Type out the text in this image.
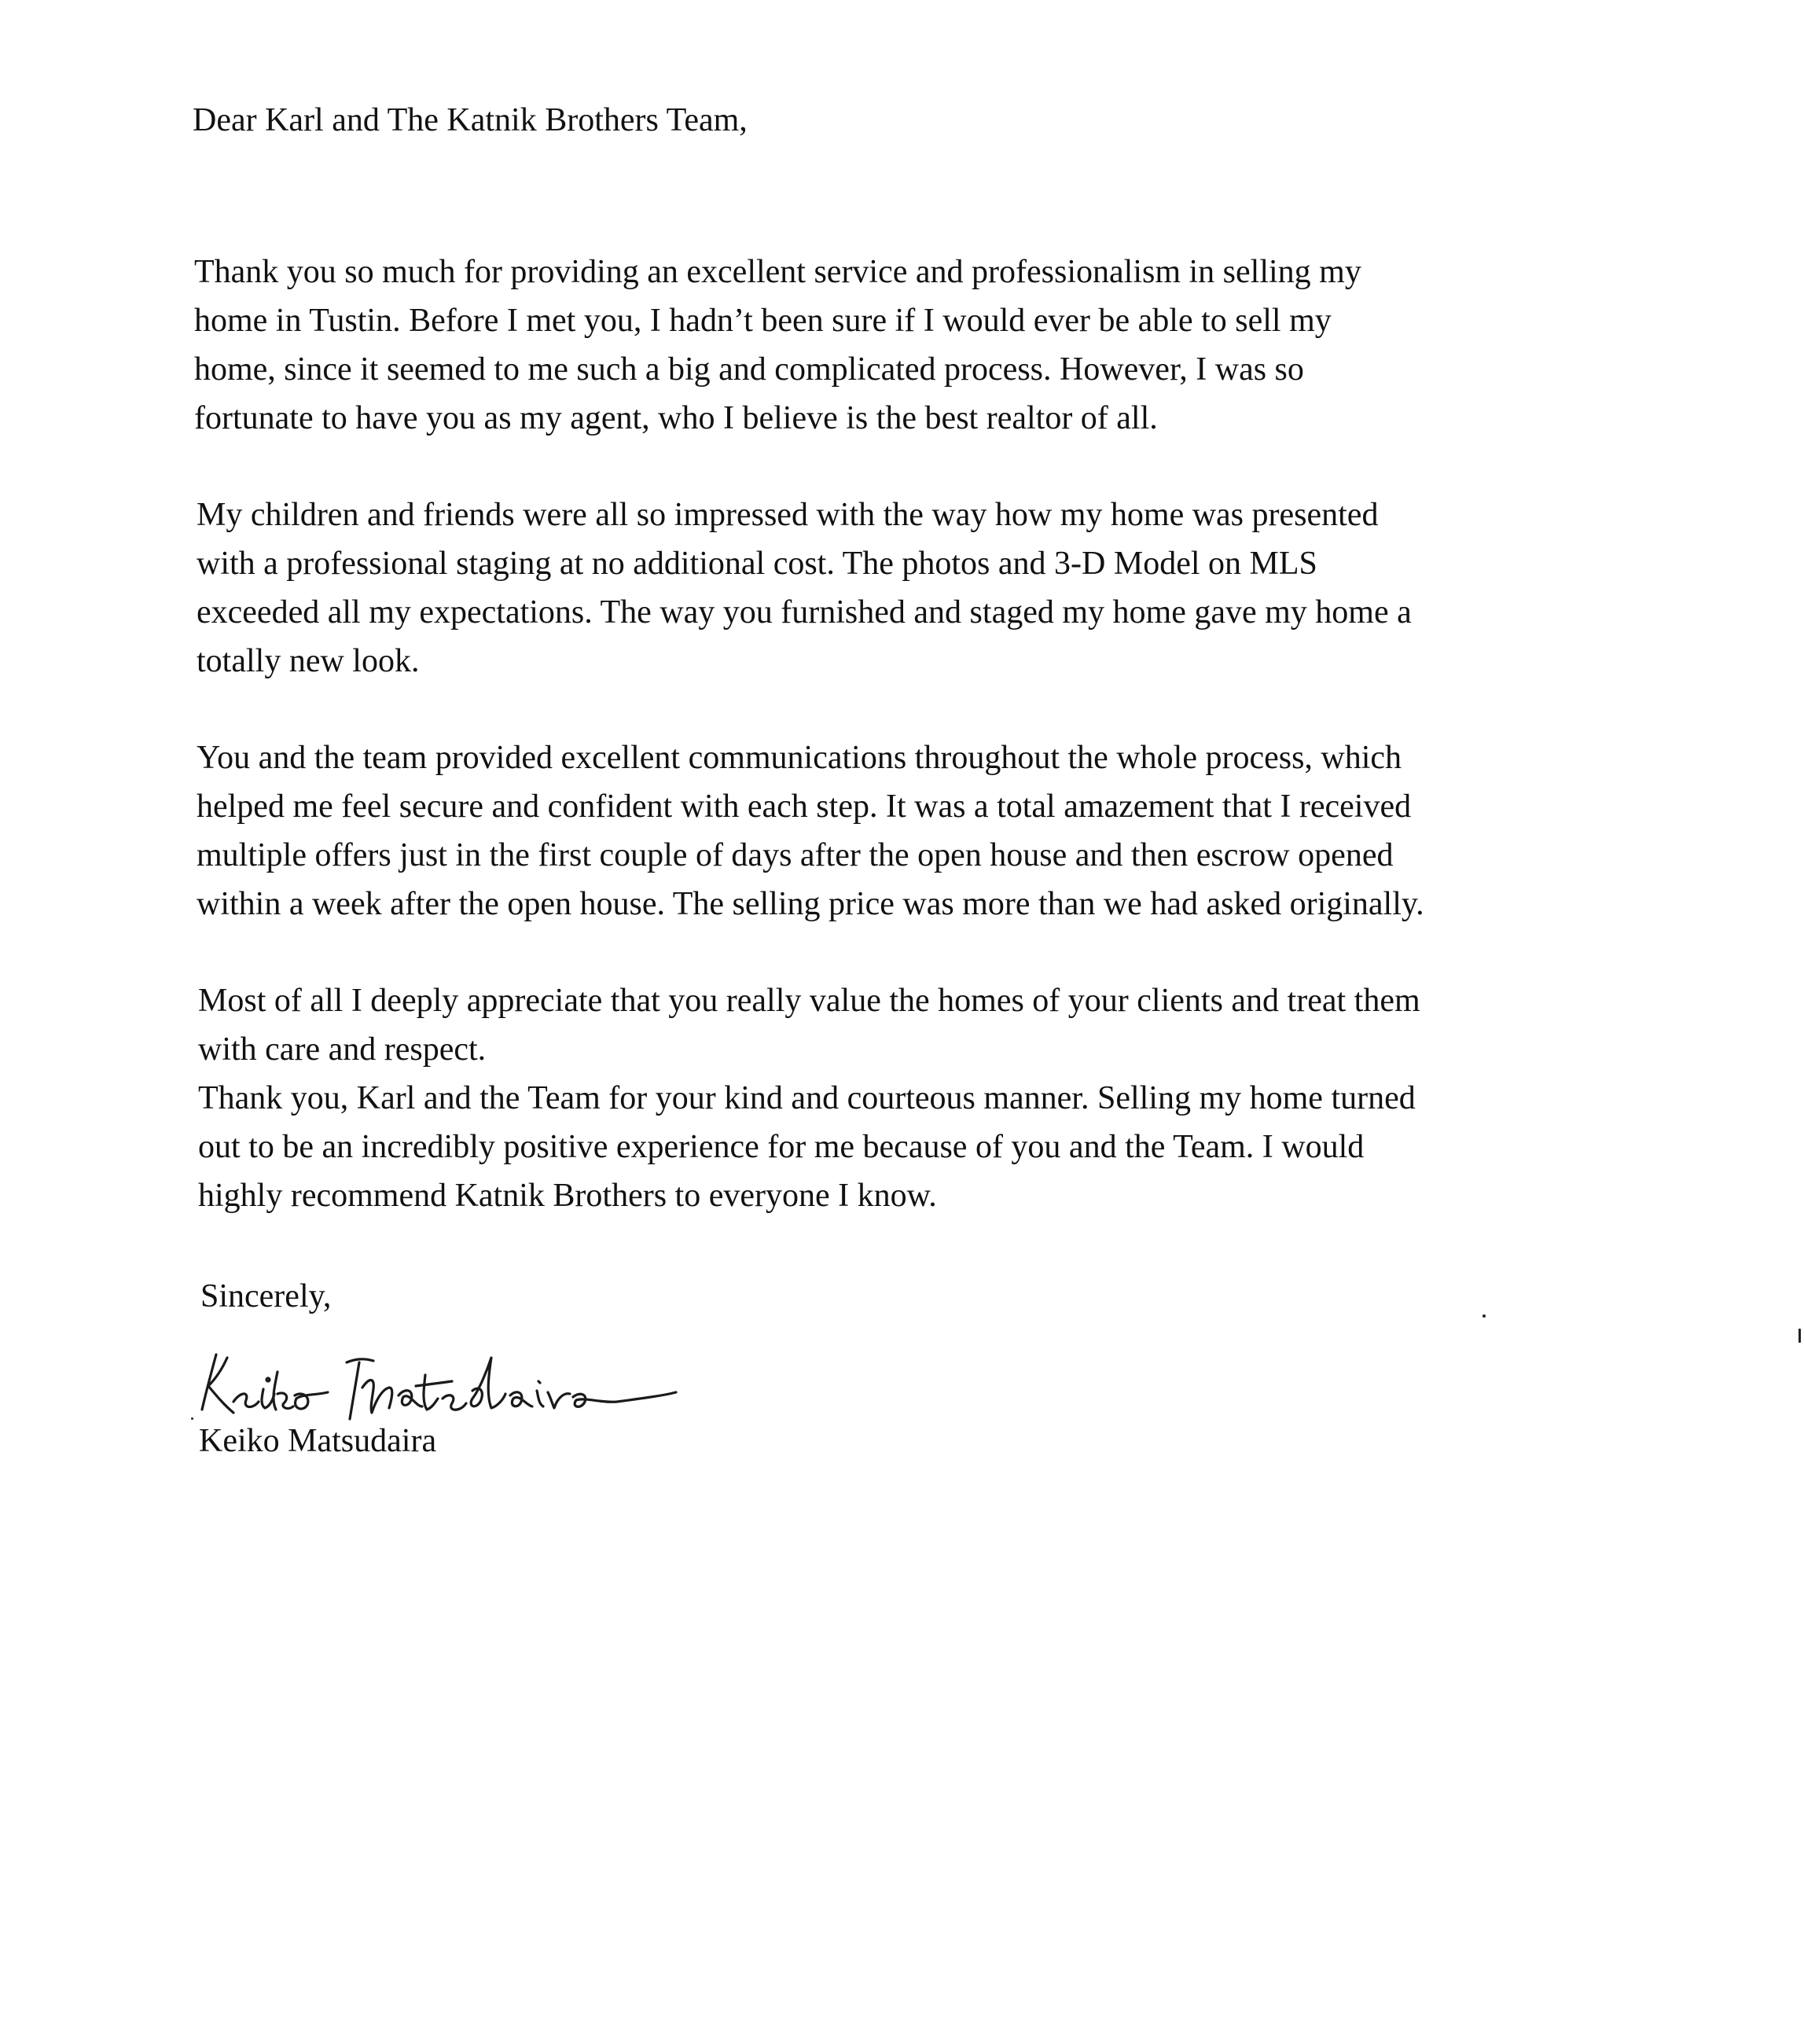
Dear Karl and The Katnik Brothers Team,
Thank you so much for providing an excellent service and professionalism in selling my
home in Tustin. Before I met you, I hadn’t been sure if I would ever be able to sell my
home, since it seemed to me such a big and complicated process. However, I was so
fortunate to have you as my agent, who I believe is the best realtor of all.
My children and friends were all so impressed with the way how my home was presented
with a professional staging at no additional cost. The photos and 3-D Model on MLS
exceeded all my expectations. The way you furnished and staged my home gave my home a
totally new look.
You and the team provided excellent communications throughout the whole process, which
helped me feel secure and confident with each step. It was a total amazement that I received
multiple offers just in the first couple of days after the open house and then escrow opened
within a week after the open house. The selling price was more than we had asked originally.
Most of all I deeply appreciate that you really value the homes of your clients and treat them
with care and respect.
Thank you, Karl and the Team for your kind and courteous manner. Selling my home turned
out to be an incredibly positive experience for me because of you and the Team. I would
highly recommend Katnik Brothers to everyone I know.
Sincerely,
Keiko Matsudaira
